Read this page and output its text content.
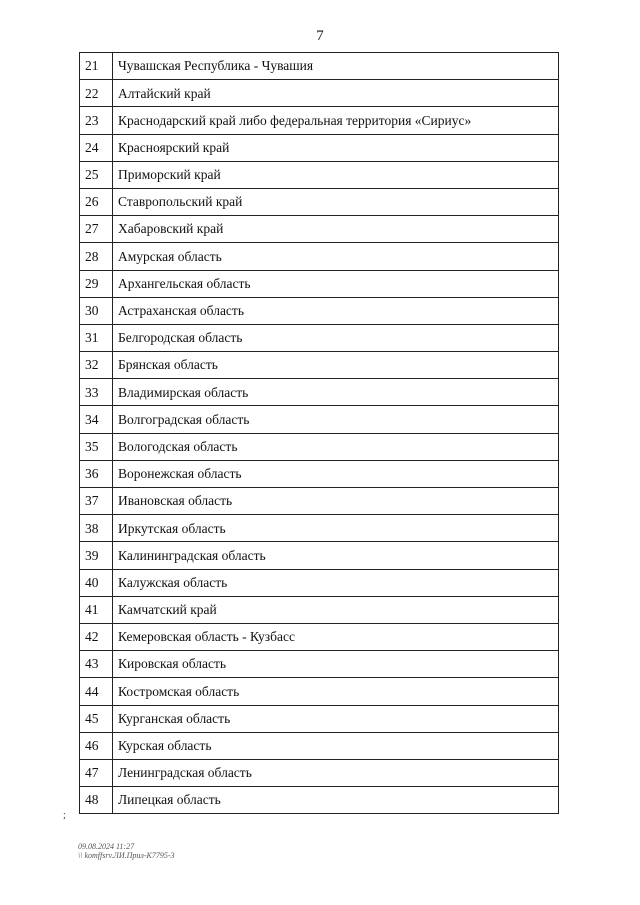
7
21	Чувашская Республика - Чувашия
22	Алтайский край
23	Краснодарский край либо федеральная территория «Сириус»
24	Красноярский край
25	Приморский край
26	Ставропольский край
27	Хабаровский край
28	Амурская область
29	Архангельская область
30	Астраханская область
31	Белгородская область
32	Брянская область
33	Владимирская область
34	Волгоградская область
35	Вологодская область
36	Воронежская область
37	Ивановская область
38	Иркутская область
39	Калининградская область
40	Калужская область
41	Камчатский край
42	Кемеровская область - Кузбасс
43	Кировская область
44	Костромская область
45	Курганская область
46	Курская область
47	Ленинградская область
48	Липецкая область
;
09.08.2024 11:27
\\ komffsrv.ЛИ.Прил-К7795-3
